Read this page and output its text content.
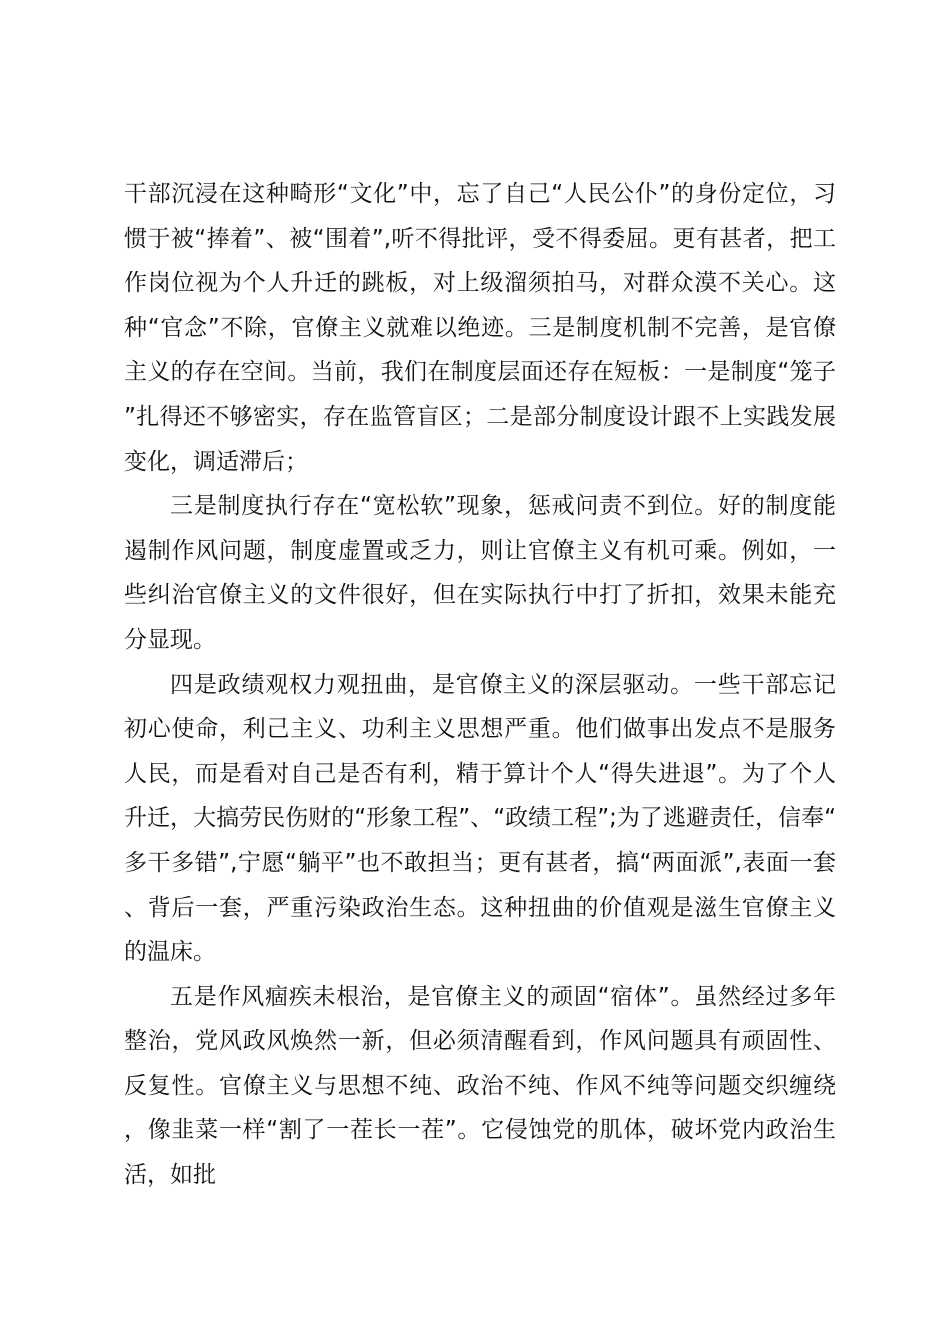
干部沉浸在这种畸形“文化”中，忘了自己“人民公仆”的身份定位，习惯于被“捧着”、被“围着”,听不得批评，受不得委屈。更有甚者，把工作岗位视为个人升迁的跳板，对上级溜须拍马，对群众漠不关心。这种“官念”不除，官僚主义就难以绝迹。三是制度机制不完善，是官僚主义的存在空间。当前，我们在制度层面还存在短板：一是制度“笼子”扎得还不够密实，存在监管盲区；二是部分制度设计跟不上实践发展变化，调适滞后；

三是制度执行存在“宽松软”现象，惩戒问责不到位。好的制度能遏制作风问题，制度虚置或乏力，则让官僚主义有机可乘。例如，一些纠治官僚主义的文件很好，但在实际执行中打了折扣，效果未能充分显现。

四是政绩观权力观扭曲，是官僚主义的深层驱动。一些干部忘记初心使命，利己主义、功利主义思想严重。他们做事出发点不是服务人民，而是看对自己是否有利，精于算计个人“得失进退”。为了个人升迁，大搞劳民伤财的“形象工程”、“政绩工程”;为了逃避责任，信奉“多干多错”,宁愿“躺平”也不敢担当；更有甚者，搞“两面派”,表面一套、背后一套，严重污染政治生态。这种扭曲的价值观是滋生官僚主义的温床。

五是作风痼疾未根治，是官僚主义的顽固“宿体”。虽然经过多年整治，党风政风焕然一新，但必须清醒看到，作风问题具有顽固性、反复性。官僚主义与思想不纯、政治不纯、作风不纯等问题交织缠绕，像韭菜一样“割了一茬长一茬”。它侵蚀党的肌体，破坏党内政治生活，如批
